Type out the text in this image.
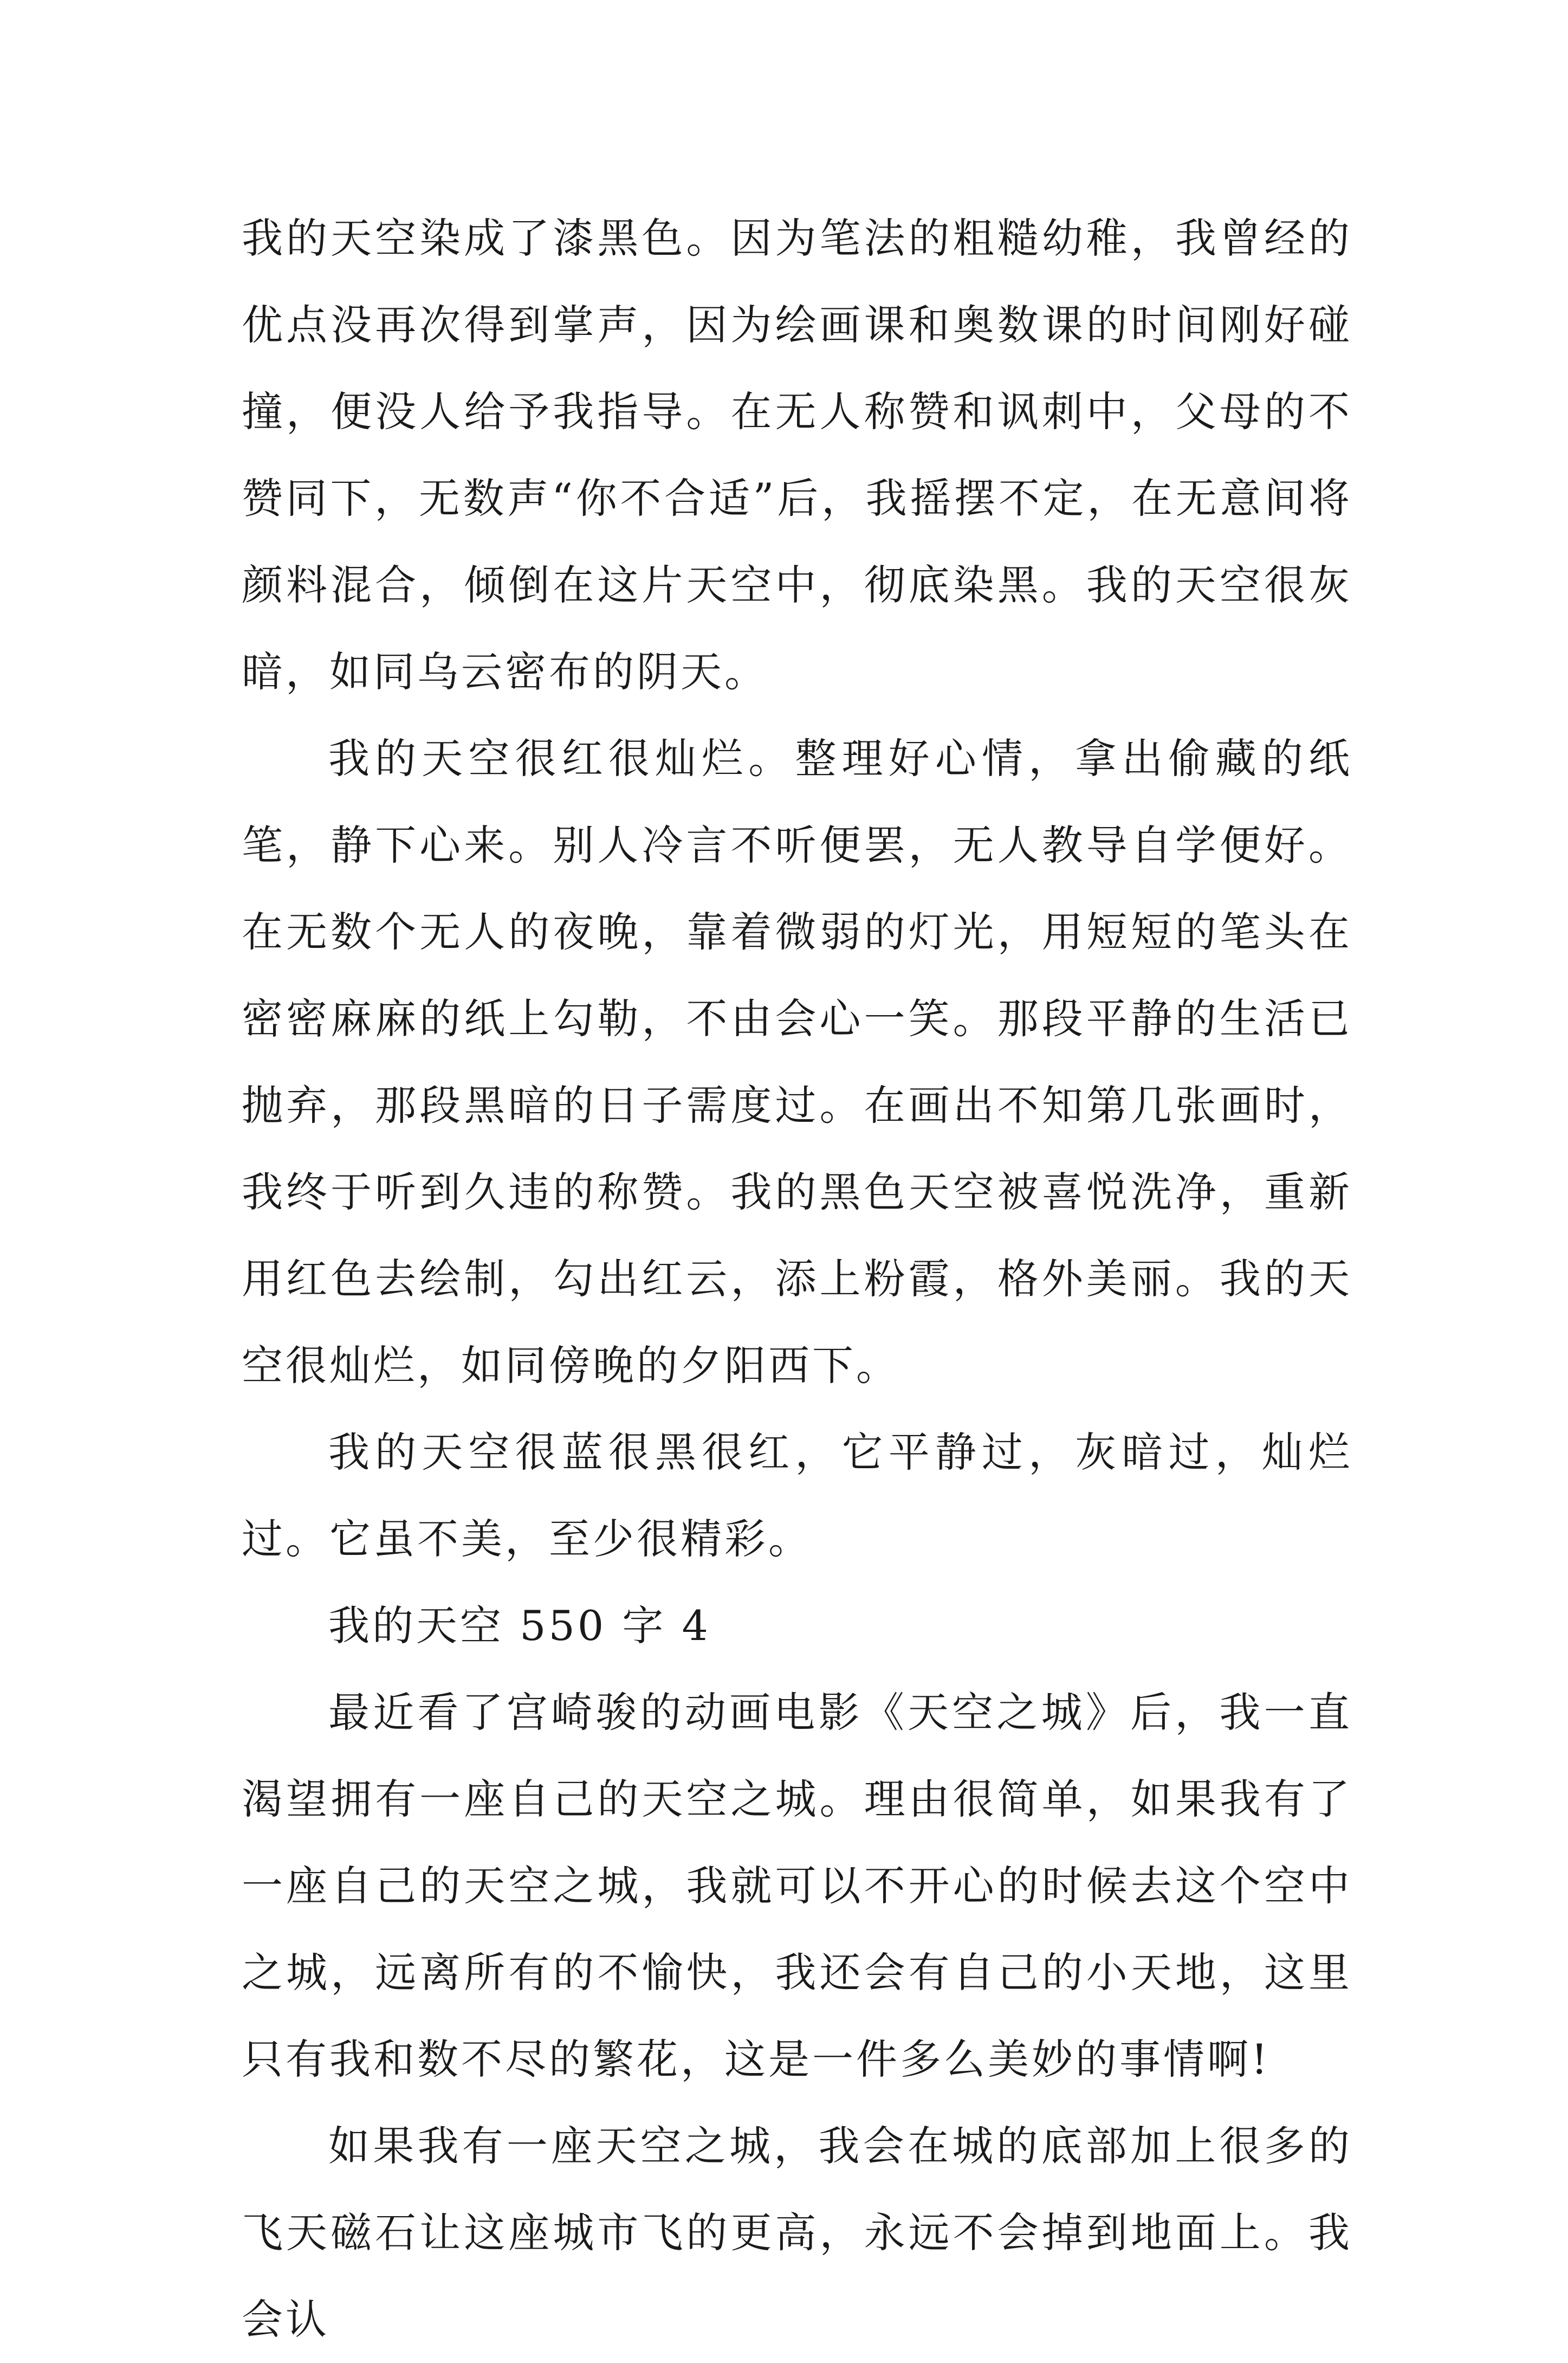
我的天空染成了漆黑色。因为笔法的粗糙幼稚，我曾经的优点没再次得到掌声，因为绘画课和奥数课的时间刚好碰撞，便没人给予我指导。在无人称赞和讽刺中，父母的不赞同下，无数声“你不合适”后，我摇摆不定，在无意间将颜料混合，倾倒在这片天空中，彻底染黑。我的天空很灰暗，如同乌云密布的阴天。

我的天空很红很灿烂。整理好心情，拿出偷藏的纸笔，静下心来。别人冷言不听便罢，无人教导自学便好。在无数个无人的夜晚，靠着微弱的灯光，用短短的笔头在密密麻麻的纸上勾勒，不由会心一笑。那段平静的生活已抛弃，那段黑暗的日子需度过。在画出不知第几张画时，我终于听到久违的称赞。我的黑色天空被喜悦洗净，重新用红色去绘制，勾出红云，添上粉霞，格外美丽。我的天空很灿烂，如同傍晚的夕阳西下。

我的天空很蓝很黑很红，它平静过，灰暗过，灿烂过。它虽不美，至少很精彩。

我的天空 550 字 4

最近看了宫崎骏的动画电影《天空之城》后，我一直渴望拥有一座自己的天空之城。理由很简单，如果我有了一座自己的天空之城，我就可以不开心的时候去这个空中之城，远离所有的不愉快，我还会有自己的小天地，这里只有我和数不尽的繁花，这是一件多么美妙的事情啊!

如果我有一座天空之城，我会在城的底部加上很多的飞天磁石让这座城市飞的更高，永远不会掉到地面上。我会认
